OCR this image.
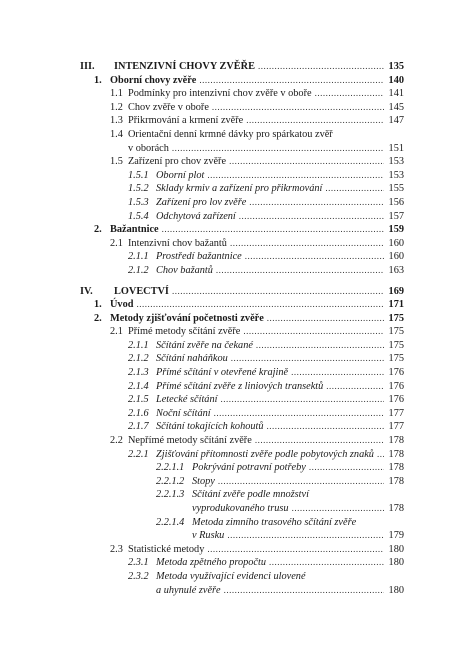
III.	INTENZIVNÍ CHOVY ZVĚŘE .....	135
1. Oborní chovy zvěře .....	140
1.1 Podmínky pro intenzivní chov zvěře v oboře .....	141
1.2 Chov zvěře v oboře .....	145
1.3 Přikrmování a krmení zvěře .....	147
1.4 Orientační denní krmné dávky pro spárkatou zvěř
v oborách .....	151
1.5 Zařízení pro chov zvěře .....	153
1.5.1 Oborní plot .....	153
1.5.2 Sklady krmiv a zařízení pro přikrmování .....	155
1.5.3 Zařízení pro lov zvěře .....	156
1.5.4 Odchytová zařízení .....	157
2. Bažantnice .....	159
2.1 Intenzivní chov bažantů .....	160
2.1.1 Prostředí bažantnice .....	160
2.1.2 Chov bažantů .....	163
IV.	LOVECTVÍ .....	169
1. Úvod .....	171
2. Metody zjišťování početnosti zvěře .....	175
2.1 Přímé metody sčítání zvěře .....	175
2.1.1 Sčítání zvěře na čekané .....	175
2.1.2 Sčítání naháňkou .....	175
2.1.3 Přímé sčítání v otevřené krajině .....	176
2.1.4 Přímé sčítání zvěře z liniových transektů .....	176
2.1.5 Letecké sčítání .....	176
2.1.6 Noční sčítání .....	177
2.1.7 Sčítání tokajících kohoutů .....	177
2.2 Nepřímé metody sčítání zvěře .....	178
2.2.1 Zjišťování přítomnosti zvěře podle pobytových znaků ..... 178
2.2.1.1 Pokrývání potravní potřeby .....	178
2.2.1.2 Stopy .....	178
2.2.1.3 Sčítání zvěře podle množství
vyprodukovaného trusu .....	178
2.2.1.4 Metoda zimního trasového sčítání zvěře
v Rusku .....	179
2.3 Statistické metody .....	180
2.3.1 Metoda zpětného propočtu .....	180
2.3.2 Metoda využívající evidenci ulovené
a uhynulé zvěře .....	180
